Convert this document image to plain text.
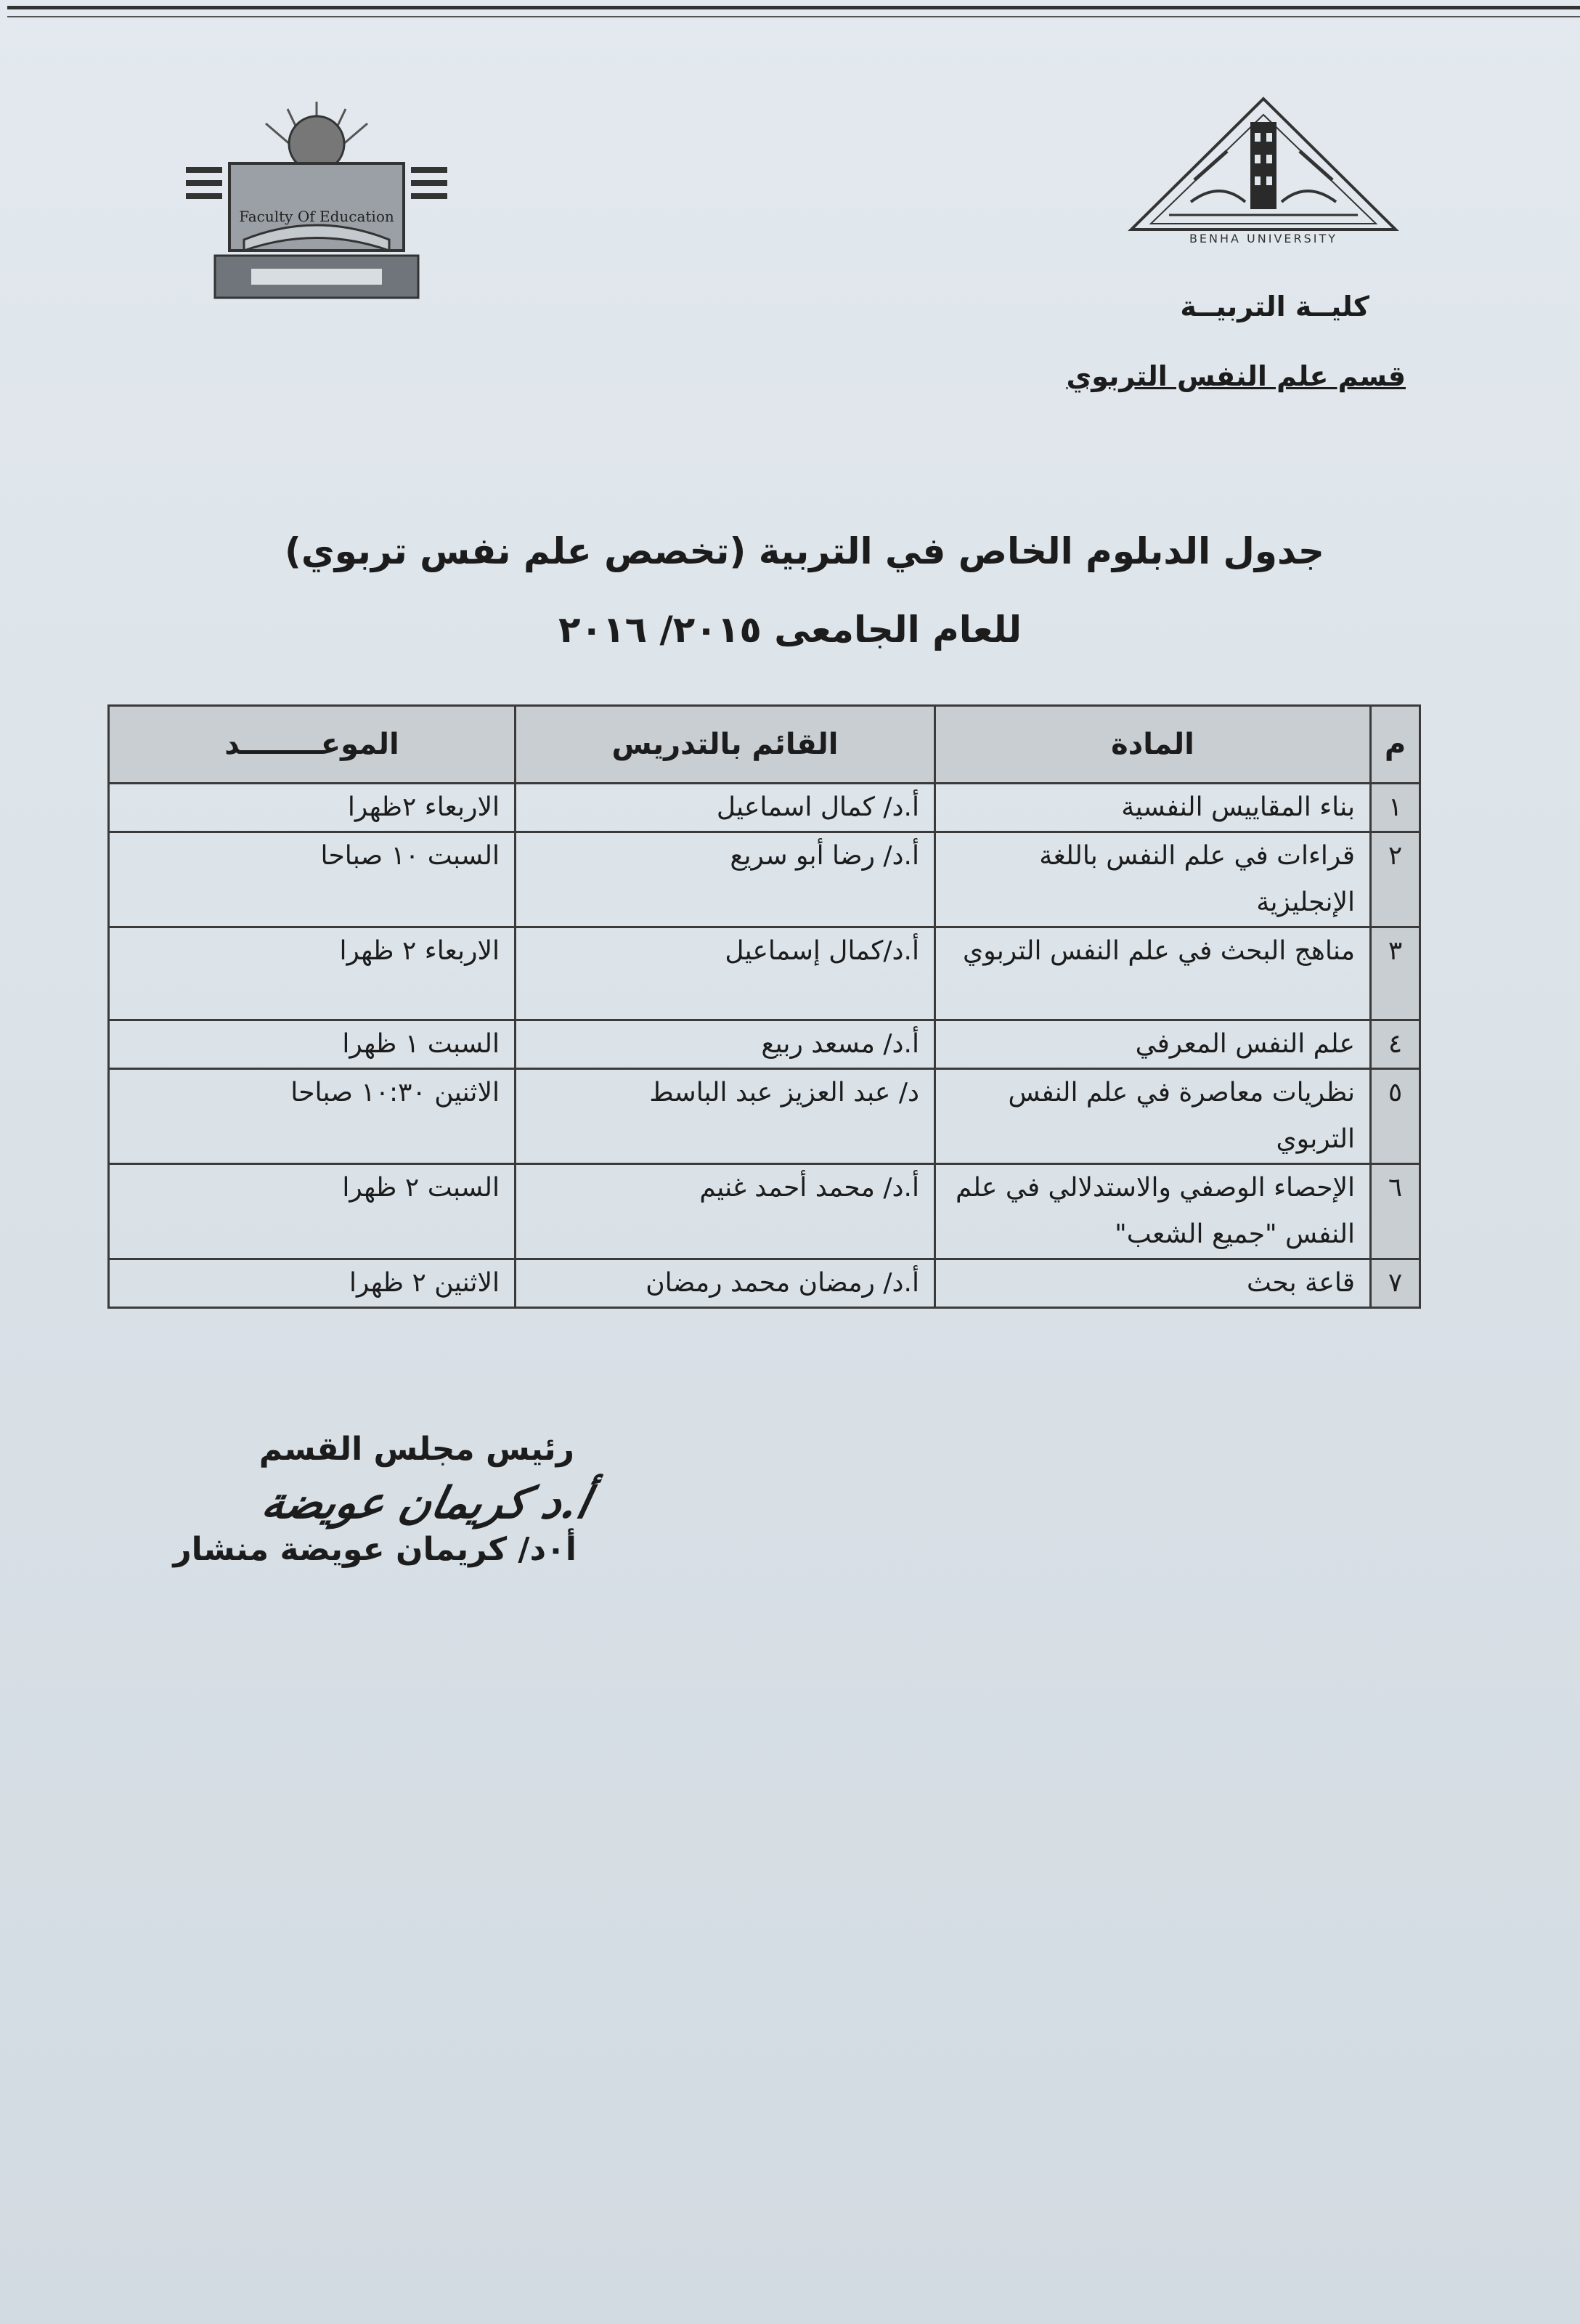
BENHA UNIVERSITY
Faculty Of Education
كليــة التربيــة
قسم علم النفس التربوي
جدول الدبلوم الخاص في التربية (تخصص علم نفس تربوي)
للعام الجامعى ٢٠١٥/ ٢٠١٦
م	المادة	القائم بالتدريس	الموعــــــــد
١	بناء المقاييس النفسية	أ.د/ كمال اسماعيل	الاربعاء ٢ظهرا
٢	قراءات في علم النفس باللغة الإنجليزية	أ.د/ رضا أبو سريع	السبت ١٠ صباحا
٣	مناهج البحث في علم النفس التربوي	أ.د/كمال إسماعيل	الاربعاء ٢ ظهرا
٤	علم النفس المعرفي	أ.د/ مسعد ربيع	السبت ١ ظهرا
٥	نظريات معاصرة في علم النفس التربوي	د/ عبد العزيز عبد الباسط	الاثنين ١٠:٣٠ صباحا
٦	الإحصاء الوصفي والاستدلالي في علم النفس "جميع الشعب"	أ.د/ محمد أحمد غنيم	السبت ٢ ظهرا
٧	قاعة بحث	أ.د/ رمضان محمد رمضان	الاثنين ٢ ظهرا
رئيس مجلس القسم
أ.د كريمان عويضة
أ٠د/ كريمان عويضة منشار
